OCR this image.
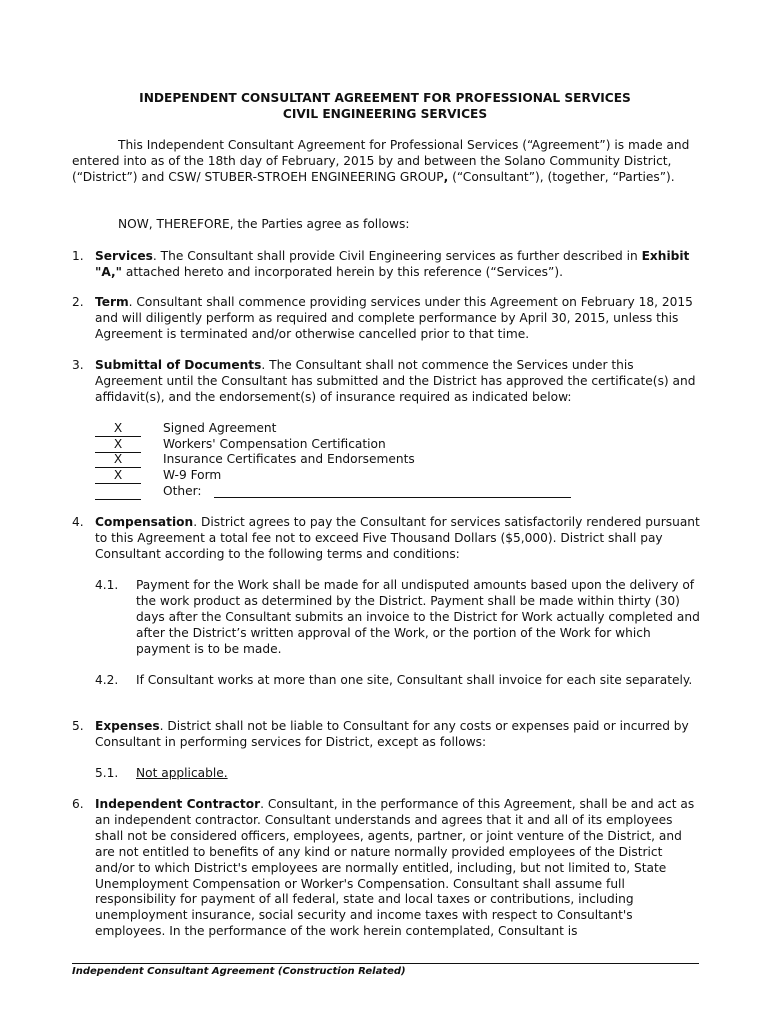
INDEPENDENT CONSULTANT AGREEMENT FOR PROFESSIONAL SERVICES
CIVIL ENGINEERING SERVICES
This Independent Consultant Agreement for Professional Services (“Agreement”) is made and entered into as of the 18th day of February, 2015 by and between the Solano Community District, (“District”) and CSW/ STUBER-STROEH ENGINEERING GROUP, (“Consultant”), (together, “Parties”).
NOW, THEREFORE, the Parties agree as follows:
1. Services. The Consultant shall provide Civil Engineering services as further described in Exhibit "A," attached hereto and incorporated herein by this reference (“Services”).
2. Term. Consultant shall commence providing services under this Agreement on February 18, 2015 and will diligently perform as required and complete performance by April 30, 2015, unless this Agreement is terminated and/or otherwise cancelled prior to that time.
3. Submittal of Documents. The Consultant shall not commence the Services under this Agreement until the Consultant has submitted and the District has approved the certificate(s) and affidavit(s), and the endorsement(s) of insurance required as indicated below:
X	Signed Agreement
X	Workers' Compensation Certification
X	Insurance Certificates and Endorsements
X	W-9 Form
Other:
4. Compensation. District agrees to pay the Consultant for services satisfactorily rendered pursuant to this Agreement a total fee not to exceed Five Thousand Dollars ($5,000). District shall pay Consultant according to the following terms and conditions:
4.1. Payment for the Work shall be made for all undisputed amounts based upon the delivery of the work product as determined by the District. Payment shall be made within thirty (30) days after the Consultant submits an invoice to the District for Work actually completed and after the District’s written approval of the Work, or the portion of the Work for which payment is to be made.
4.2. If Consultant works at more than one site, Consultant shall invoice for each site separately.
5. Expenses. District shall not be liable to Consultant for any costs or expenses paid or incurred by Consultant in performing services for District, except as follows:
5.1. Not applicable.
6. Independent Contractor. Consultant, in the performance of this Agreement, shall be and act as an independent contractor. Consultant understands and agrees that it and all of its employees shall not be considered officers, employees, agents, partner, or joint venture of the District, and are not entitled to benefits of any kind or nature normally provided employees of the District and/or to which District's employees are normally entitled, including, but not limited to, State Unemployment Compensation or Worker's Compensation. Consultant shall assume full responsibility for payment of all federal, state and local taxes or contributions, including unemployment insurance, social security and income taxes with respect to Consultant's employees. In the performance of the work herein contemplated, Consultant is
Independent Consultant Agreement (Construction Related)
